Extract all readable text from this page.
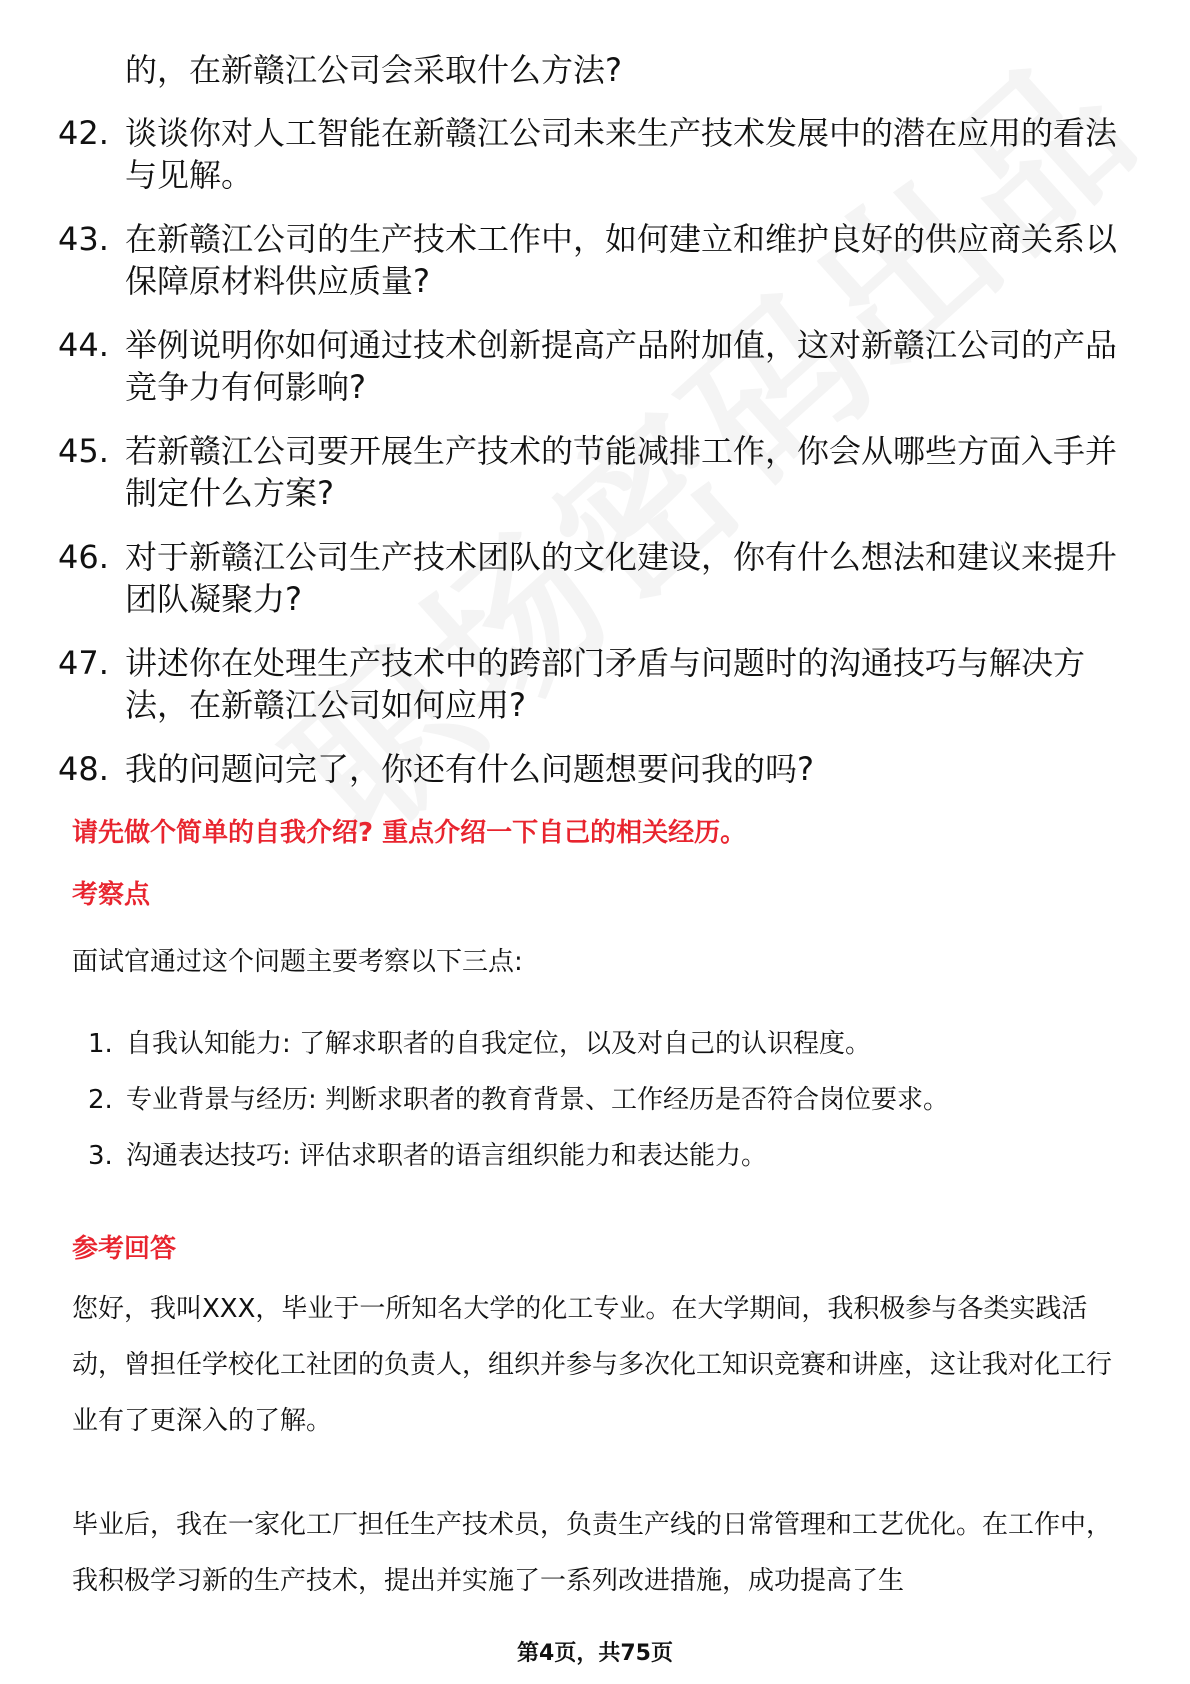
的，在新赣江公司会采取什么方法?
42. 谈谈你对人工智能在新赣江公司未来生产技术发展中的潜在应用的看法与见解。
43. 在新赣江公司的生产技术工作中，如何建立和维护良好的供应商关系以保障原材料供应质量?
44. 举例说明你如何通过技术创新提高产品附加值，这对新赣江公司的产品竞争力有何影响?
45. 若新赣江公司要开展生产技术的节能减排工作，你会从哪些方面入手并制定什么方案?
46. 对于新赣江公司生产技术团队的文化建设，你有什么想法和建议来提升团队凝聚力?
47. 讲述你在处理生产技术中的跨部门矛盾与问题时的沟通技巧与解决方法，在新赣江公司如何应用?
48. 我的问题问完了，你还有什么问题想要问我的吗?
请先做个简单的自我介绍? 重点介绍一下自己的相关经历。
考察点
面试官通过这个问题主要考察以下三点:
1. 自我认知能力: 了解求职者的自我定位，以及对自己的认识程度。
2. 专业背景与经历: 判断求职者的教育背景、工作经历是否符合岗位要求。
3. 沟通表达技巧: 评估求职者的语言组织能力和表达能力。
参考回答
您好，我叫XXX，毕业于一所知名大学的化工专业。在大学期间，我积极参与各类实践活动，曾担任学校化工社团的负责人，组织并参与多次化工知识竞赛和讲座，这让我对化工行业有了更深入的了解。
毕业后，我在一家化工厂担任生产技术员，负责生产线的日常管理和工艺优化。在工作中，我积极学习新的生产技术，提出并实施了一系列改进措施，成功提高了生
第4页，共75页
